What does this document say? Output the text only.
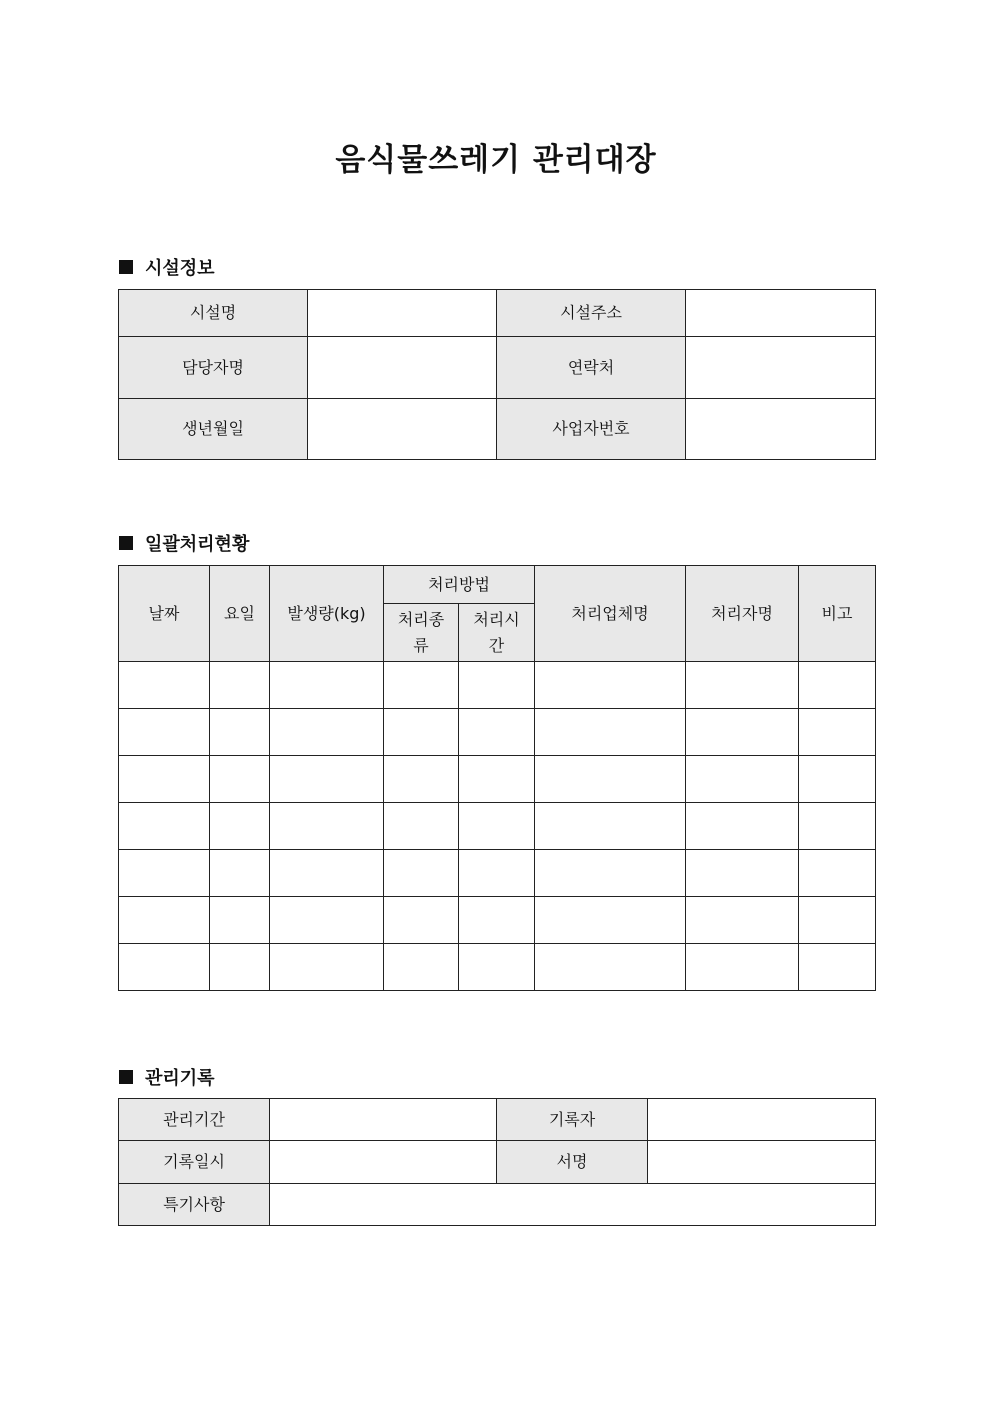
음식물쓰레기 관리대장
시설정보
시설명		시설주소	
담당자명		연락처	
생년월일		사업자번호	
일괄처리현황
날짜	요일	발생량(kg)	처리방법		처리업체명	처리자명	비고
			처리종류	처리시간			

관리기록
관리기간		기록자	
기록일시		서명	
특기사항			
